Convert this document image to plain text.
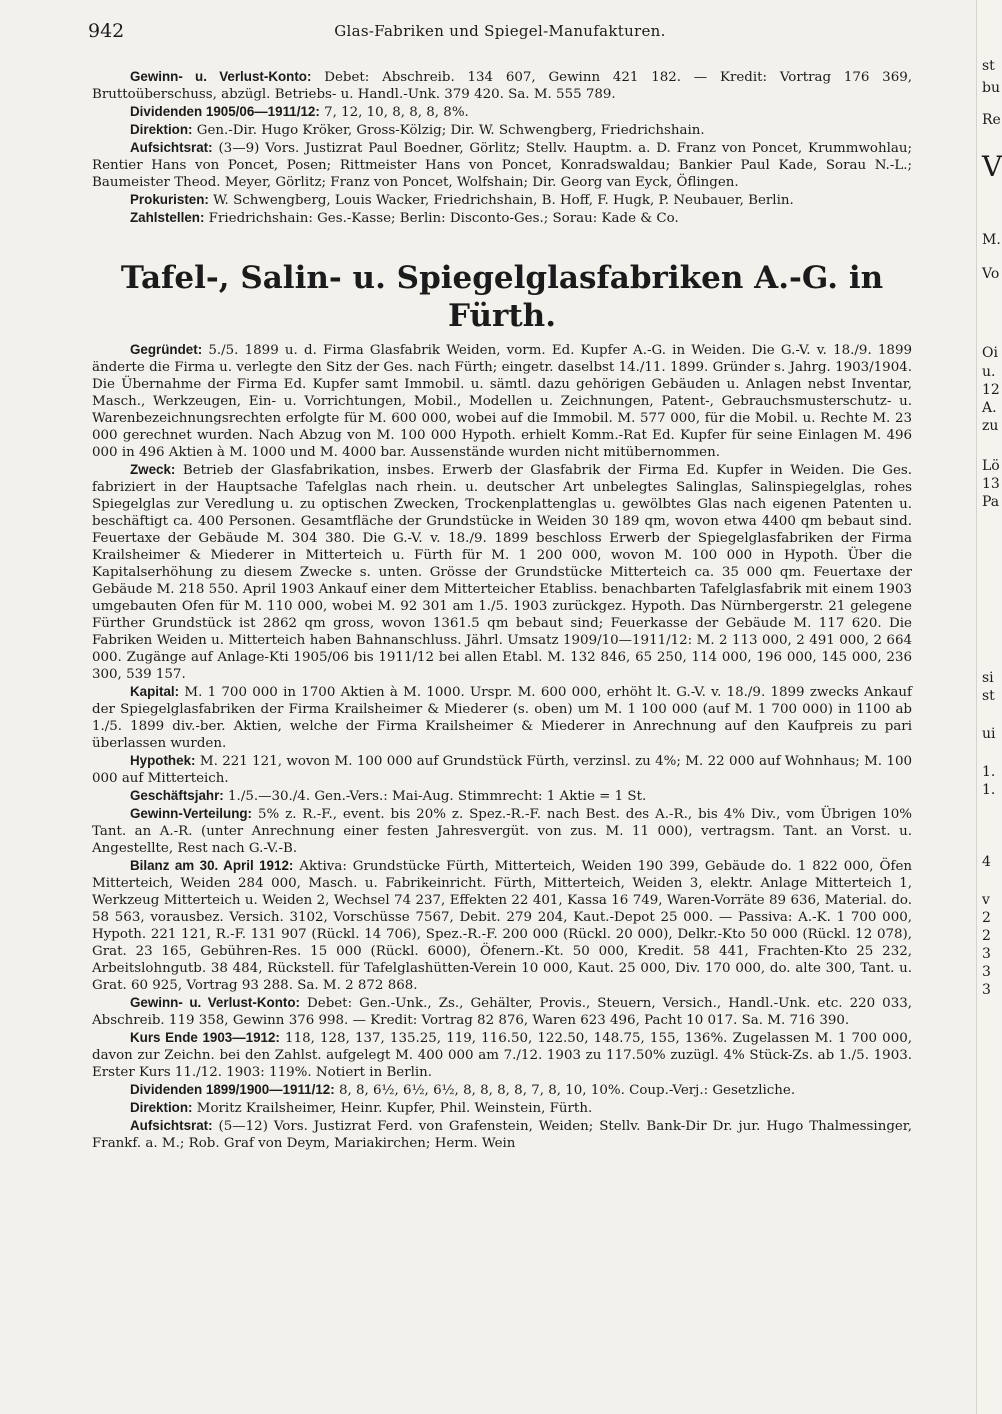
942	Glas-Fabriken und Spiegel-Manufakturen.

Gewinn- u. Verlust-Konto: Debet: Abschreib. 134 607, Gewinn 421 182. — Kredit: Vortrag 176 369, Bruttoüberschuss, abzügl. Betriebs- u. Handl.-Unk. 379 420. Sa. M. 555 789.

Dividenden 1905/06—1911/12: 7, 12, 10, 8, 8, 8, 8%.

Direktion: Gen.-Dir. Hugo Kröker, Gross-Kölzig; Dir. W. Schwengberg, Friedrichshain.

Aufsichtsrat: (3—9) Vors. Justizrat Paul Boedner, Görlitz; Stellv. Hauptm. a. D. Franz von Poncet, Krummwohlau; Rentier Hans von Poncet, Posen; Rittmeister Hans von Poncet, Konradswaldau; Bankier Paul Kade, Sorau N.-L.; Baumeister Theod. Meyer, Görlitz; Franz von Poncet, Wolfshain; Dir. Georg van Eyck, Öflingen.

Prokuristen: W. Schwengberg, Louis Wacker, Friedrichshain, B. Hoff, F. Hugk, P. Neubauer, Berlin.

Zahlstellen: Friedrichshain: Ges.-Kasse; Berlin: Disconto-Ges.; Sorau: Kade & Co.

Tafel-, Salin- u. Spiegelglasfabriken A.-G. in Fürth.

Gegründet: 5./5. 1899 u. d. Firma Glasfabrik Weiden, vorm. Ed. Kupfer A.-G. in Weiden. Die G.-V. v. 18./9. 1899 änderte die Firma u. verlegte den Sitz der Ges. nach Fürth; eingetr. daselbst 14./11. 1899. Gründer s. Jahrg. 1903/1904. Die Übernahme der Firma Ed. Kupfer samt Immobil. u. sämtl. dazu gehörigen Gebäuden u. Anlagen nebst Inventar, Masch., Werkzeugen, Ein- u. Vorrichtungen, Mobil., Modellen u. Zeichnungen, Patent-, Gebrauchsmusterschutz- u. Warenbezeichnungsrechten erfolgte für M. 600 000, wobei auf die Immobil. M. 577 000, für die Mobil. u. Rechte M. 23 000 gerechnet wurden. Nach Abzug von M. 100 000 Hypoth. erhielt Komm.-Rat Ed. Kupfer für seine Einlagen M. 496 000 in 496 Aktien à M. 1000 und M. 4000 bar. Aussenstände wurden nicht mitübernommen.

Zweck: Betrieb der Glasfabrikation, insbes. Erwerb der Glasfabrik der Firma Ed. Kupfer in Weiden. Die Ges. fabriziert in der Hauptsache Tafelglas nach rhein. u. deutscher Art unbelegtes Salinglas, Salinspiegelglas, rohes Spiegelglas zur Veredlung u. zu optischen Zwecken, Trockenplattenglas u. gewölbtes Glas nach eigenen Patenten u. beschäftigt ca. 400 Personen. Gesamtfläche der Grundstücke in Weiden 30 189 qm, wovon etwa 4400 qm bebaut sind. Feuertaxe der Gebäude M. 304 380. Die G.-V. v. 18./9. 1899 beschloss Erwerb der Spiegelglasfabriken der Firma Krailsheimer & Miederer in Mitterteich u. Fürth für M. 1 200 000, wovon M. 100 000 in Hypoth. Über die Kapitalserhöhung zu diesem Zwecke s. unten. Grösse der Grundstücke Mitterteich ca. 35 000 qm. Feuertaxe der Gebäude M. 218 550. April 1903 Ankauf einer dem Mitterteicher Etabliss. benachbarten Tafelglasfabrik mit einem 1903 umgebauten Ofen für M. 110 000, wobei M. 92 301 am 1./5. 1903 zurückgez. Hypoth. Das Nürnbergerstr. 21 gelegene Fürther Grundstück ist 2862 qm gross, wovon 1361.5 qm bebaut sind; Feuerkasse der Gebäude M. 117 620. Die Fabriken Weiden u. Mitterteich haben Bahnanschluss. Jährl. Umsatz 1909/10—1911/12: M. 2 113 000, 2 491 000, 2 664 000. Zugänge auf Anlage-Kti 1905/06 bis 1911/12 bei allen Etabl. M. 132 846, 65 250, 114 000, 196 000, 145 000, 236 300, 539 157.

Kapital: M. 1 700 000 in 1700 Aktien à M. 1000. Urspr. M. 600 000, erhöht lt. G.-V. v. 18./9. 1899 zwecks Ankauf der Spiegelglasfabriken der Firma Krailsheimer & Miederer (s. oben) um M. 1 100 000 (auf M. 1 700 000) in 1100 ab 1./5. 1899 div.-ber. Aktien, welche der Firma Krailsheimer & Miederer in Anrechnung auf den Kaufpreis zu pari überlassen wurden.

Hypothek: M. 221 121, wovon M. 100 000 auf Grundstück Fürth, verzinsl. zu 4%; M. 22 000 auf Wohnhaus; M. 100 000 auf Mitterteich.

Geschäftsjahr: 1./5.—30./4. Gen.-Vers.: Mai-Aug. Stimmrecht: 1 Aktie = 1 St.

Gewinn-Verteilung: 5% z. R.-F., event. bis 20% z. Spez.-R.-F. nach Best. des A.-R., bis 4% Div., vom Übrigen 10% Tant. an A.-R. (unter Anrechnung einer festen Jahresvergüt. von zus. M. 11 000), vertragsm. Tant. an Vorst. u. Angestellte, Rest nach G.-V.-B.

Bilanz am 30. April 1912: Aktiva: Grundstücke Fürth, Mitterteich, Weiden 190 399, Gebäude do. 1 822 000, Öfen Mitterteich, Weiden 284 000, Masch. u. Fabrikeinricht. Fürth, Mitterteich, Weiden 3, elektr. Anlage Mitterteich 1, Werkzeug Mitterteich u. Weiden 2, Wechsel 74 237, Effekten 22 401, Kassa 16 749, Waren-Vorräte 89 636, Material. do. 58 563, vorausbez. Versich. 3102, Vorschüsse 7567, Debit. 279 204, Kaut.-Depot 25 000. — Passiva: A.-K. 1 700 000, Hypoth. 221 121, R.-F. 131 907 (Rückl. 14 706), Spez.-R.-F. 200 000 (Rückl. 20 000), Delkr.-Kto 50 000 (Rückl. 12 078), Grat. 23 165, Gebühren-Res. 15 000 (Rückl. 6000), Öfenern.-Kt. 50 000, Kredit. 58 441, Frachten-Kto 25 232, Arbeitslohngutb. 38 484, Rückstell. für Tafelglashütten-Verein 10 000, Kaut. 25 000, Div. 170 000, do. alte 300, Tant. u. Grat. 60 925, Vortrag 93 288. Sa. M. 2 872 868.

Gewinn- u. Verlust-Konto: Debet: Gen.-Unk., Zs., Gehälter, Provis., Steuern, Versich., Handl.-Unk. etc. 220 033, Abschreib. 119 358, Gewinn 376 998. — Kredit: Vortrag 82 876, Waren 623 496, Pacht 10 017. Sa. M. 716 390.

Kurs Ende 1903—1912: 118, 128, 137, 135.25, 119, 116.50, 122.50, 148.75, 155, 136%. Zugelassen M. 1 700 000, davon zur Zeichn. bei den Zahlst. aufgelegt M. 400 000 am 7./12. 1903 zu 117.50% zuzügl. 4% Stück-Zs. ab 1./5. 1903. Erster Kurs 11./12. 1903: 119%. Notiert in Berlin.

Dividenden 1899/1900—1911/12: 8, 8, 6½, 6½, 6½, 8, 8, 8, 8, 7, 8, 10, 10%. Coup.-Verj.: Gesetzliche.

Direktion: Moritz Krailsheimer, Heinr. Kupfer, Phil. Weinstein, Fürth.

Aufsichtsrat: (5—12) Vors. Justizrat Ferd. von Grafenstein, Weiden; Stellv. Bank-Dir Dr. jur. Hugo Thalmessinger, Frankf. a. M.; Rob. Graf von Deym, Mariakirchen; Herm. Wein

st
bu
Re
V
M.
Vo
Oi
u.
12
A.
zu
Lö
13
Pa
si
st
ui
1.
1.
4
v
2
2
3
3
3
